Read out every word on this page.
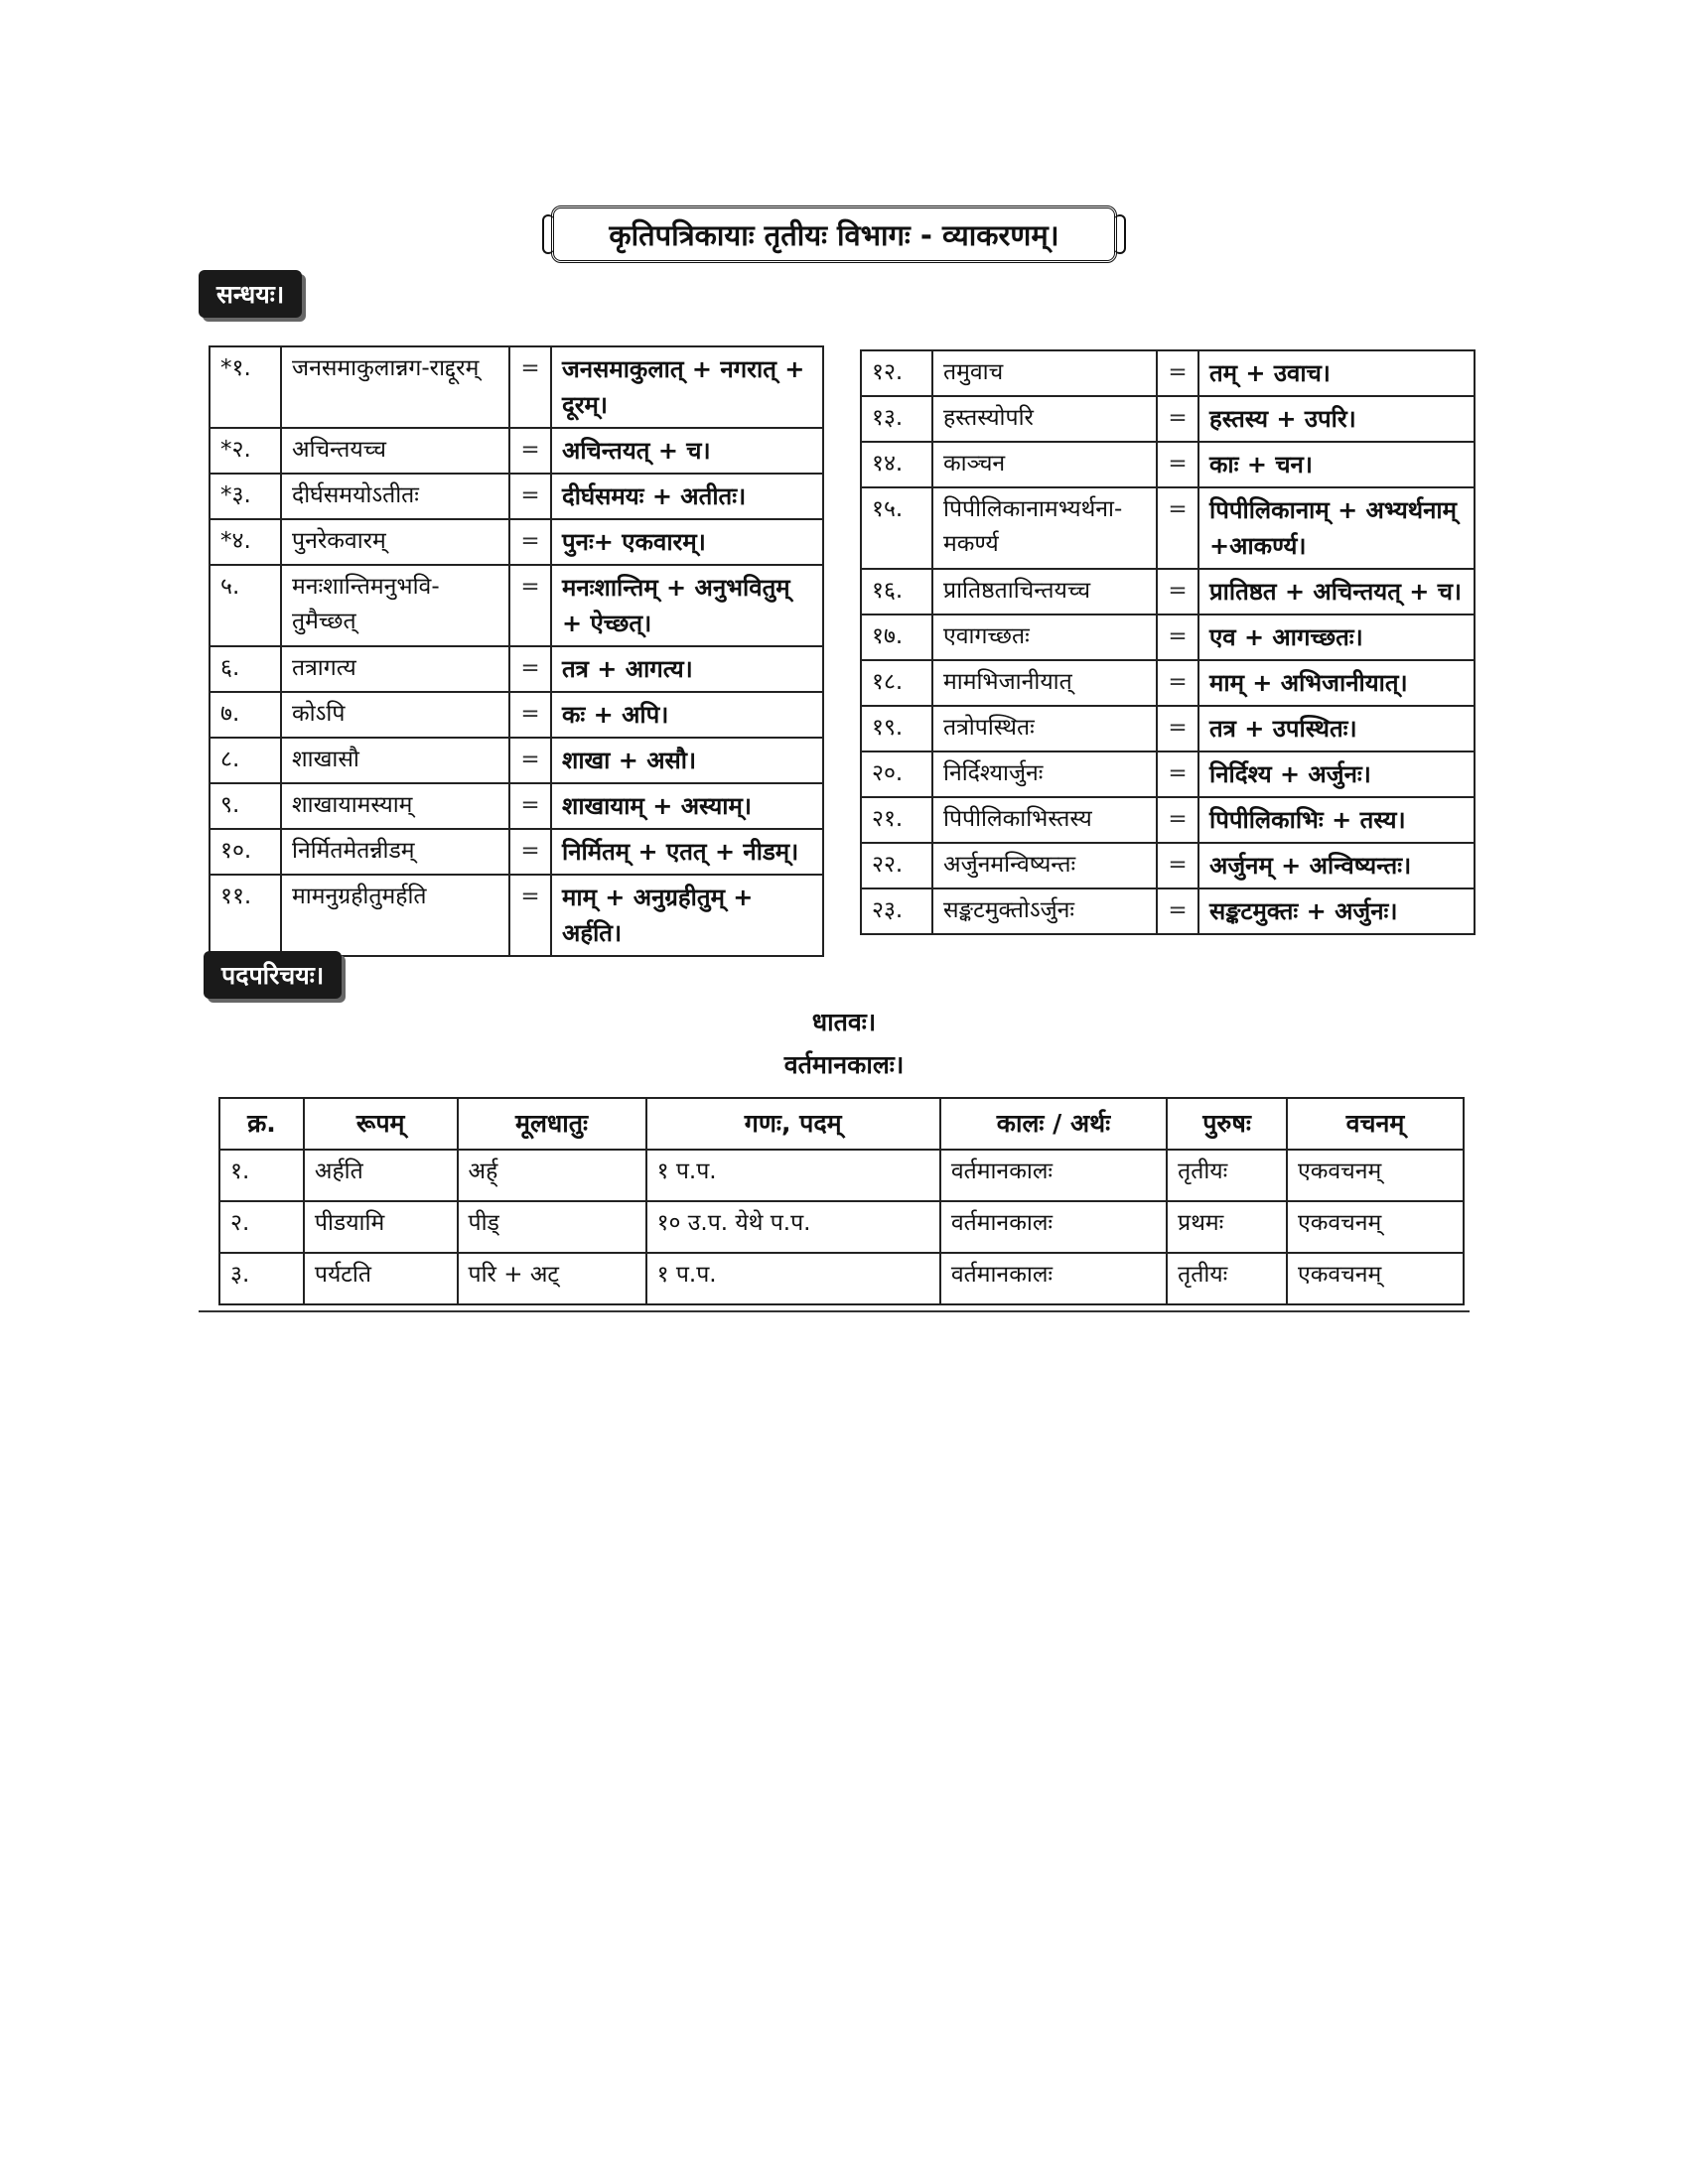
कृतिपत्रिकायाः तृतीयः विभागः - व्याकरणम्।
सन्धयः।
*१.	जनसमाकुलान्नग-राद्दूरम्	=	जनसमाकुलात् + नगरात् + दूरम्।
*२.	अचिन्तयच्च	=	अचिन्तयत् + च।
*३.	दीर्घसमयोऽतीतः	=	दीर्घसमयः + अतीतः।
*४.	पुनरेकवारम्	=	पुनः+ एकवारम्।
५.	मनःशान्तिमनुभवि-तुमैच्छत्	=	मनःशान्तिम् + अनुभवितुम् + ऐच्छत्।
६.	तत्रागत्य	=	तत्र + आगत्य।
७.	कोऽपि	=	कः + अपि।
८.	शाखासौ	=	शाखा + असौ।
९.	शाखायामस्याम्	=	शाखायाम् + अस्याम्।
१०.	निर्मितमेतन्नीडम्	=	निर्मितम् + एतत् + नीडम्।
११.	मामनुग्रहीतुमर्हति	=	माम् + अनुग्रहीतुम् + अर्हति।
१२.	तमुवाच	=	तम् + उवाच।
१३.	हस्तस्योपरि	=	हस्तस्य + उपरि।
१४.	काञ्चन	=	काः + चन।
१५.	पिपीलिकानामभ्यर्थना-मकर्ण्य	=	पिपीलिकानाम् + अभ्यर्थनाम् +आकर्ण्य।
१६.	प्रातिष्ठताचिन्तयच्च	=	प्रातिष्ठत + अचिन्तयत् + च।
१७.	एवागच्छतः	=	एव + आगच्छतः।
१८.	मामभिजानीयात्	=	माम् + अभिजानीयात्।
१९.	तत्रोपस्थितः	=	तत्र + उपस्थितः।
२०.	निर्दिश्यार्जुनः	=	निर्दिश्य + अर्जुनः।
२१.	पिपीलिकाभिस्तस्य	=	पिपीलिकाभिः + तस्य।
२२.	अर्जुनमन्विष्यन्तः	=	अर्जुनम् + अन्विष्यन्तः।
२३.	सङ्कटमुक्तोऽर्जुनः	=	सङ्कटमुक्तः + अर्जुनः।
पदपरिचयः।
धातवः।
वर्तमानकालः।
क्र.	रूपम्	मूलधातुः	गणः, पदम्	कालः / अर्थः	पुरुषः	वचनम्
१.	अर्हति	अर्ह्	१ प.प.	वर्तमानकालः	तृतीयः	एकवचनम्
२.	पीडयामि	पीड्	१० उ.प. येथे प.प.	वर्तमानकालः	प्रथमः	एकवचनम्
३.	पर्यटति	परि + अट्	१ प.प.	वर्तमानकालः	तृतीयः	एकवचनम्
